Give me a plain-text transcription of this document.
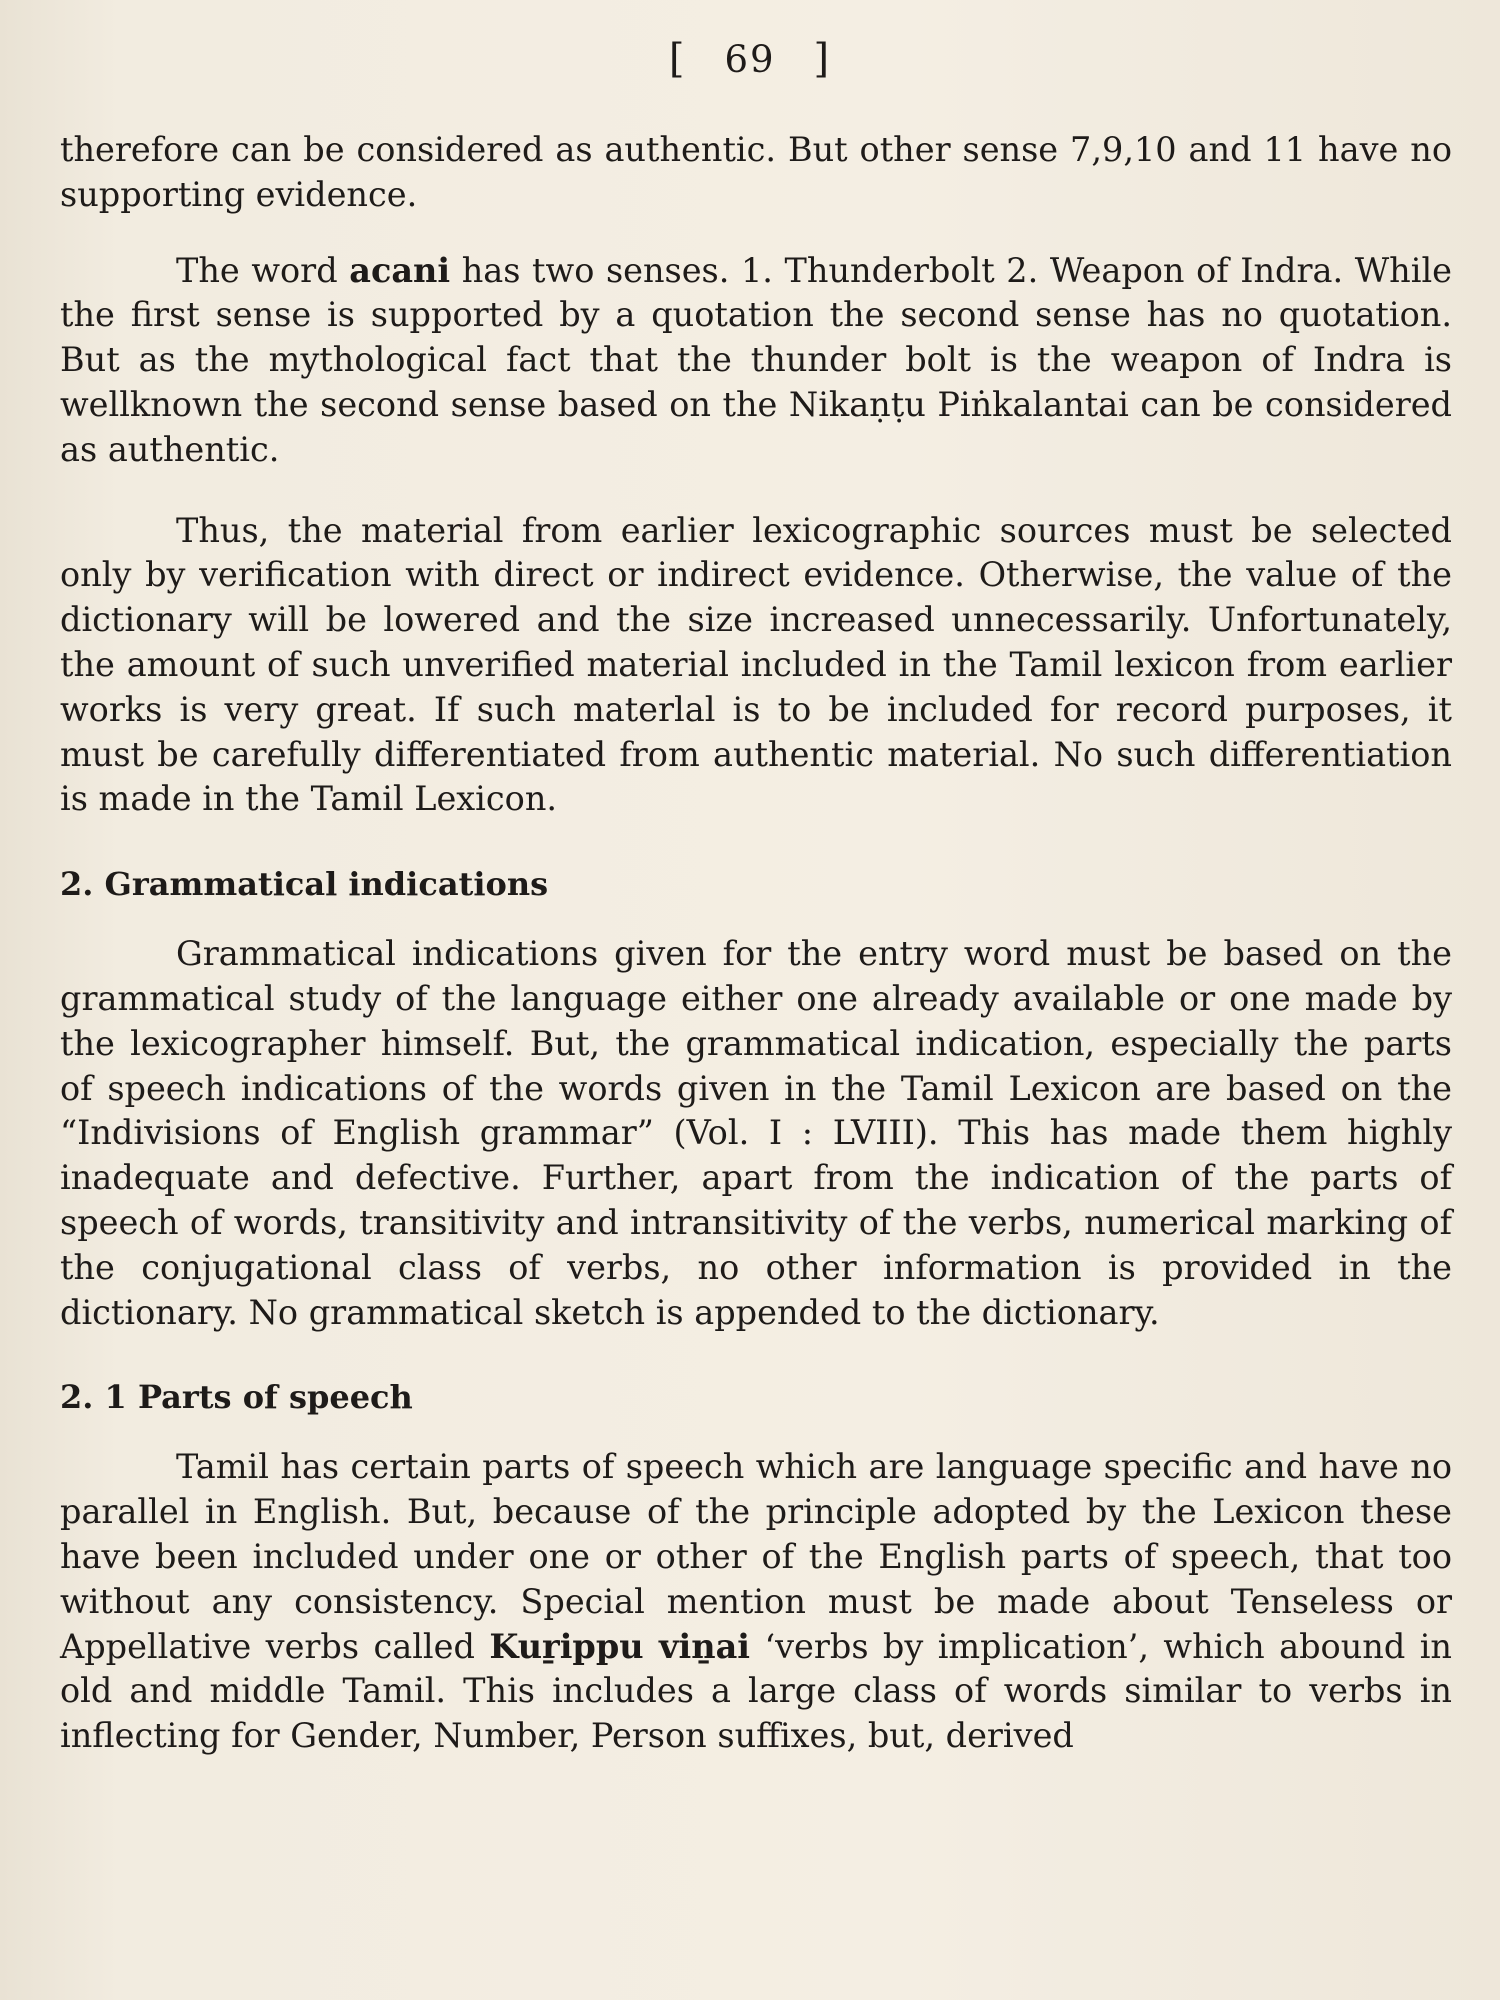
[ 69 ]

therefore can be considered as authentic. But other sense 7,9,10 and 11 have no supporting evidence.

The word acani has two senses. 1. Thunderbolt 2. Weapon of Indra. While the first sense is supported by a quotation the second sense has no quotation. But as the mythological fact that the thunder bolt is the weapon of Indra is wellknown the second sense based on the Nikaṇṭu Piṅkalantai can be considered as authentic.

Thus, the material from earlier lexicographic sources must be selected only by verification with direct or indirect evidence. Otherwise, the value of the dictionary will be lowered and the size increased unnecessarily. Unfortunately, the amount of such unverified material included in the Tamil lexicon from earlier works is very great. If such materlal is to be included for record purposes, it must be carefully differentiated from authentic material. No such differentiation is made in the Tamil Lexicon.

2. Grammatical indications

Grammatical indications given for the entry word must be based on the grammatical study of the language either one already available or one made by the lexicographer himself. But, the grammatical indication, especially the parts of speech indications of the words given in the Tamil Lexicon are based on the “Indivisions of English grammar” (Vol. I : LVIII). This has made them highly inadequate and defective. Further, apart from the indication of the parts of speech of words, transitivity and intransitivity of the verbs, numerical marking of the conjugational class of verbs, no other information is provided in the dictionary. No grammatical sketch is appended to the dictionary.

2. 1 Parts of speech

Tamil has certain parts of speech which are language specific and have no parallel in English. But, because of the principle adopted by the Lexicon these have been included under one or other of the English parts of speech, that too without any consistency. Special mention must be made about Tenseless or Appellative verbs called Kuṟippu viṉai ‘verbs by implication’, which abound in old and middle Tamil. This includes a large class of words similar to verbs in inflecting for Gender, Number, Person suffixes, but, derived
